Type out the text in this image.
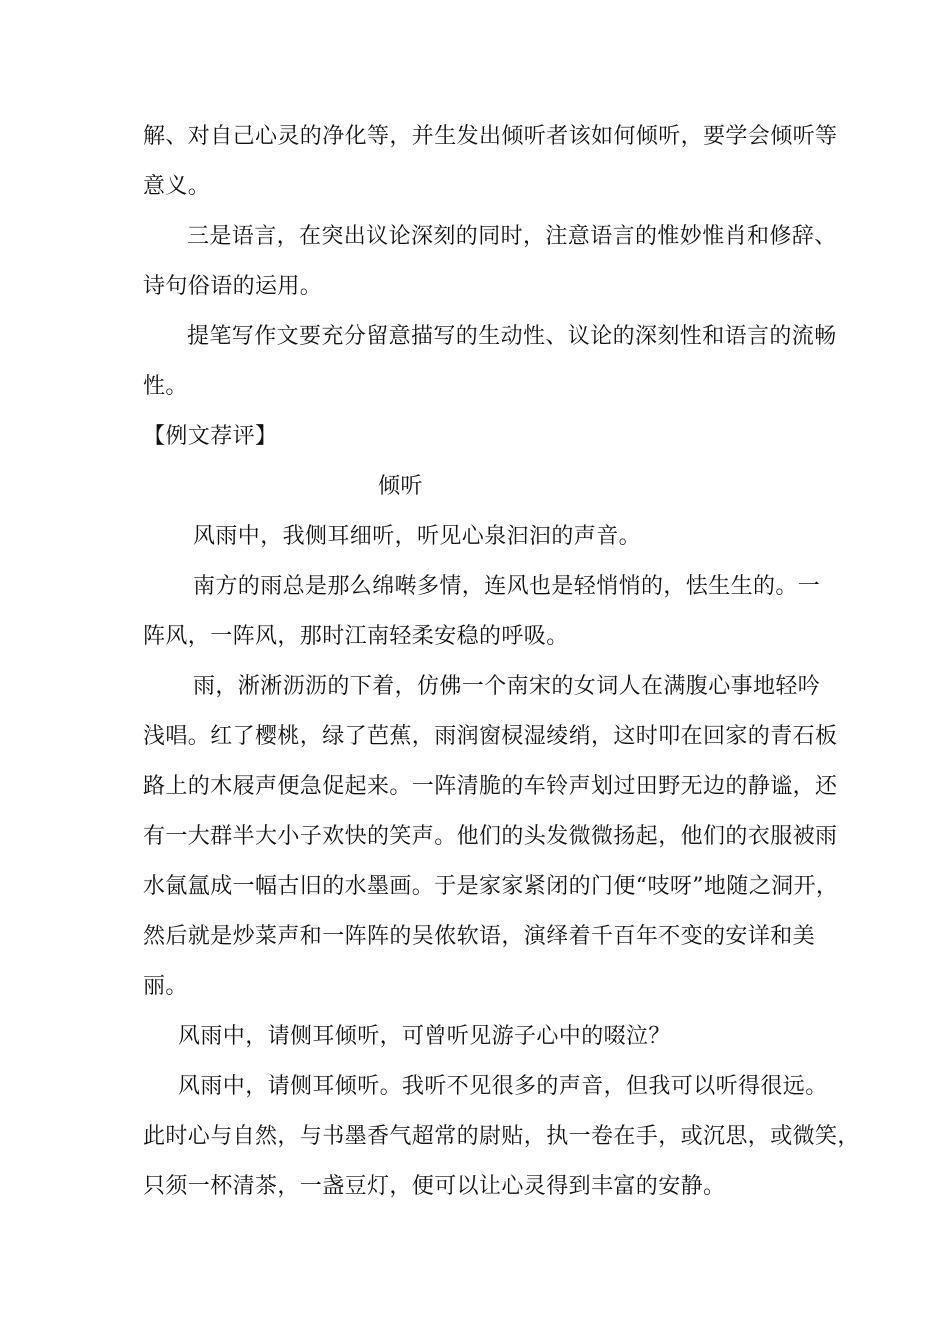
解、对自己心灵的净化等，并生发出倾听者该如何倾听，要学会倾听等
意义。
三是语言，在突出议论深刻的同时，注意语言的惟妙惟肖和修辞、
诗句俗语的运用。
提笔写作文要充分留意描写的生动性、议论的深刻性和语言的流畅
性。
【例文荐评】
倾听
风雨中，我侧耳细听，听见心泉汩汩的声音。
南方的雨总是那么绵啭多情，连风也是轻悄悄的，怯生生的。一
阵风，一阵风，那时江南轻柔安稳的呼吸。
雨，淅淅沥沥的下着，仿佛一个南宋的女词人在满腹心事地轻吟
浅唱。红了樱桃，绿了芭蕉，雨润窗棂湿绫绡，这时叩在回家的青石板
路上的木屐声便急促起来。一阵清脆的车铃声划过田野无边的静谧，还
有一大群半大小子欢快的笑声。他们的头发微微扬起，他们的衣服被雨
水氤氲成一幅古旧的水墨画。于是家家紧闭的门便“吱呀”地随之洞开，
然后就是炒菜声和一阵阵的吴侬软语，演绎着千百年不变的安详和美
丽。
风雨中，请侧耳倾听，可曾听见游子心中的啜泣？
风雨中，请侧耳倾听。我听不见很多的声音，但我可以听得很远。
此时心与自然，与书墨香气超常的尉贴，执一卷在手，或沉思，或微笑，
只须一杯清茶，一盏豆灯，便可以让心灵得到丰富的安静。
